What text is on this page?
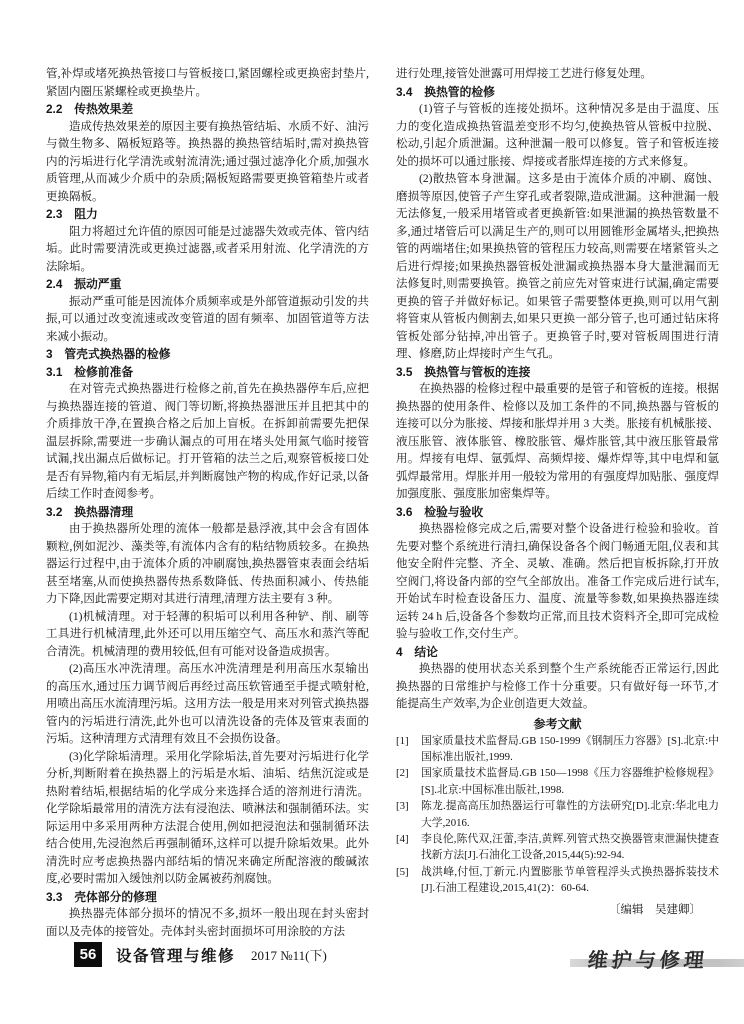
管,补焊或堵死换热管接口与管板接口,紧固螺栓或更换密封垫片,紧固内圈压紧螺栓或更换垫片。

2.2　传热效果差

造成传热效果差的原因主要有换热管结垢、水质不好、油污与微生物多、隔板短路等。换热器的换热管结垢时,需对换热管内的污垢进行化学清洗或射流清洗;通过强过滤净化介质,加强水质管理,从而减少介质中的杂质;隔板短路需要更换管箱垫片或者更换隔板。

2.3　阻力

阻力将超过允许值的原因可能是过滤器失效或壳体、管内结垢。此时需要清洗或更换过滤器,或者采用射流、化学清洗的方法除垢。

2.4　振动严重

振动严重可能是因流体介质频率或是外部管道振动引发的共振,可以通过改变流速或改变管道的固有频率、加固管道等方法来减小振动。

3　管壳式换热器的检修

3.1　检修前准备

在对管壳式换热器进行检修之前,首先在换热器停车后,应把与换热器连接的管道、阀门等切断,将换热器泄压并且把其中的介质排放干净,在置换合格之后加上盲板。在拆卸前需要先把保温层拆除,需要进一步确认漏点的可用在堵头处用氮气临时接管试漏,找出漏点后做标记。打开管箱的法兰之后,观察管板接口处是否有异物,箱内有无垢层,并判断腐蚀产物的构成,作好记录,以备后续工作时查阅参考。

3.2　换热器清理

由于换热器所处理的流体一般都是悬浮液,其中会含有固体颗粒,例如泥沙、藻类等,有流体内含有的粘结物质较多。在换热器运行过程中,由于流体介质的冲刷腐蚀,换热器管束表面会结垢甚至堵塞,从而使换热器传热系数降低、传热面积减小、传热能力下降,因此需要定期对其进行清理,清理方法主要有 3 种。

(1)机械清理。对于轻薄的积垢可以利用各种铲、削、刷等工具进行机械清理,此外还可以用压缩空气、高压水和蒸汽等配合清洗。机械清理的费用较低,但有可能对设备造成损害。

(2)高压水冲洗清理。高压水冲洗清理是利用高压水泵输出的高压水,通过压力调节阀后再经过高压软管通至手提式喷射枪,用喷出高压水流清理污垢。这用方法一般是用来对列管式换热器管内的污垢进行清洗,此外也可以清洗设备的壳体及管束表面的污垢。这种清理方式清理有效且不会损伤设备。

(3)化学除垢清理。采用化学除垢法,首先要对污垢进行化学分析,判断附着在换热器上的污垢是水垢、油垢、结焦沉淀或是热附着结垢,根据结垢的化学成分来选择合适的溶剂进行清洗。化学除垢最常用的清洗方法有浸泡法、喷淋法和强制循环法。实际运用中多采用两种方法混合使用,例如把浸泡法和强制循环法结合使用,先浸泡然后再强制循环,这样可以提升除垢效果。此外清洗时应考虑换热器内部结垢的情况来确定所配溶液的酸碱浓度,必要时需加入缓蚀剂以防金属被药剂腐蚀。

3.3　壳体部分的修理

换热器壳体部分损坏的情况不多,损坏一般出现在封头密封面以及壳体的接管处。壳体封头密封面损坏可用涂胶的方法

进行处理,接管处泄露可用焊接工艺进行修复处理。

3.4　换热管的检修

(1)管子与管板的连接处损坏。这种情况多是由于温度、压力的变化造成换热管温差变形不均匀,使换热管从管板中拉脱、松动,引起介质泄漏。这种泄漏一般可以修复。管子和管板连接处的损坏可以通过胀接、焊接或者胀焊连接的方式来修复。

(2)散热管本身泄漏。这多是由于流体介质的冲刷、腐蚀、磨损等原因,使管子产生穿孔或者裂隙,造成泄漏。这种泄漏一般无法修复,一般采用堵管或者更换新管:如果泄漏的换热管数量不多,通过堵管后可以满足生产的,则可以用圆锥形金属堵头,把换热管的两端堵住;如果换热管的管程压力较高,则需要在堵紧管头之后进行焊接;如果换热器管板处泄漏或换热器本身大量泄漏而无法修复时,则需要换管。换管之前应先对管束进行试漏,确定需要更换的管子并做好标记。如果管子需要整体更换,则可以用气割将管束从管板内侧割去,如果只更换一部分管子,也可通过钻床将管板处部分钻掉,冲出管子。更换管子时,要对管板周围进行清理、修磨,防止焊接时产生气孔。

3.5　换热管与管板的连接

在换热器的检修过程中最重要的是管子和管板的连接。根据换热器的使用条件、检修以及加工条件的不同,换热器与管板的连接可以分为胀接、焊接和胀焊并用 3 大类。胀接有机械胀接、液压胀管、液体胀管、橡胶胀管、爆炸胀管,其中液压胀管最常用。焊接有电焊、氩弧焊、高频焊接、爆炸焊等,其中电焊和氩弧焊最常用。焊胀并用一般较为常用的有强度焊加贴胀、强度焊加强度胀、强度胀加密集焊等。

3.6　检验与验收

换热器检修完成之后,需要对整个设备进行检验和验收。首先要对整个系统进行清扫,确保设备各个阀门畅通无阻,仪表和其他安全附件完整、齐全、灵敏、准确。然后把盲板拆除,打开放空阀门,将设备内部的空气全部放出。准备工作完成后进行试车,开始试车时检查设备压力、温度、流量等参数,如果换热器连续运转 24 h 后,设备各个参数均正常,而且技术资料齐全,即可完成检验与验收工作,交付生产。

4　结论

换热器的使用状态关系到整个生产系统能否正常运行,因此换热器的日常维护与检修工作十分重要。只有做好每一环节,才能提高生产效率,为企业创造更大效益。

参考文献

[1]	国家质量技术监督局.GB 150-1999《钢制压力容器》[S].北京:中国标准出版社,1999.
[2]	国家质量技术监督局.GB 150—1998《压力容器维护检修规程》[S].北京:中国标准出版社,1998.
[3]	陈龙.提高高压加热器运行可靠性的方法研究[D].北京:华北电力大学,2016.
[4]	李良伦,陈代双,汪蕾,李洁,黄辉.列管式热交换器管束泄漏快捷查找新方法[J].石油化工设备,2015,44(5):92-94.
[5]	战洪峰,付恒,丁新元.内置膨胀节单管程浮头式换热器拆装技术[J].石油工程建设,2015,41(2)：60-64.

〔编辑　吴建卿〕

56	设备管理与维修 2017 №11(下)	维护与修理
